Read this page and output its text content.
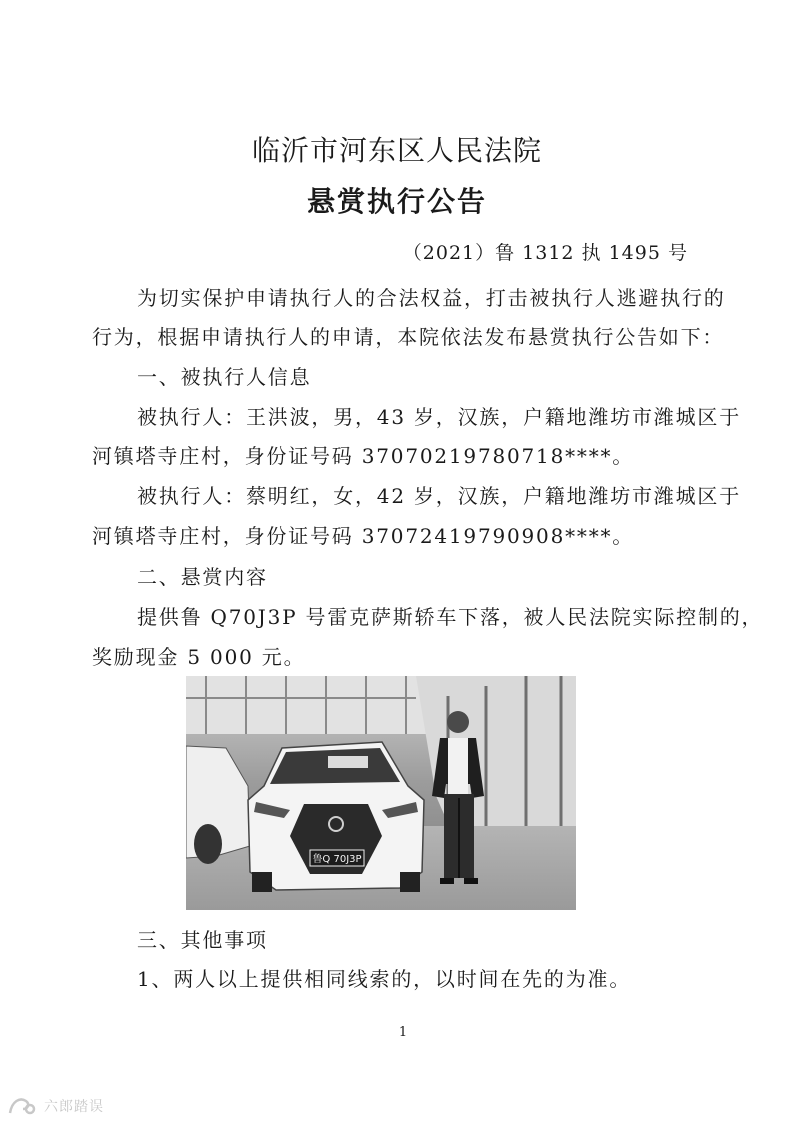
临沂市河东区人民法院
悬赏执行公告
（2021）鲁 1312 执 1495 号
为切实保护申请执行人的合法权益，打击被执行人逃避执行的
行为，根据申请执行人的申请，本院依法发布悬赏执行公告如下：
一、被执行人信息
被执行人：王洪波，男，43 岁，汉族，户籍地潍坊市潍城区于
河镇塔寺庄村，身份证号码 37070219780718****。
被执行人：蔡明红，女，42 岁，汉族，户籍地潍坊市潍城区于
河镇塔寺庄村，身份证号码 37072419790908****。
二、悬赏内容
提供鲁 Q70J3P 号雷克萨斯轿车下落，被人民法院实际控制的，
奖励现金 5 000 元。
鲁Q 70J3P
三、其他事项
1、两人以上提供相同线索的，以时间在先的为准。
1
六郎踏误
